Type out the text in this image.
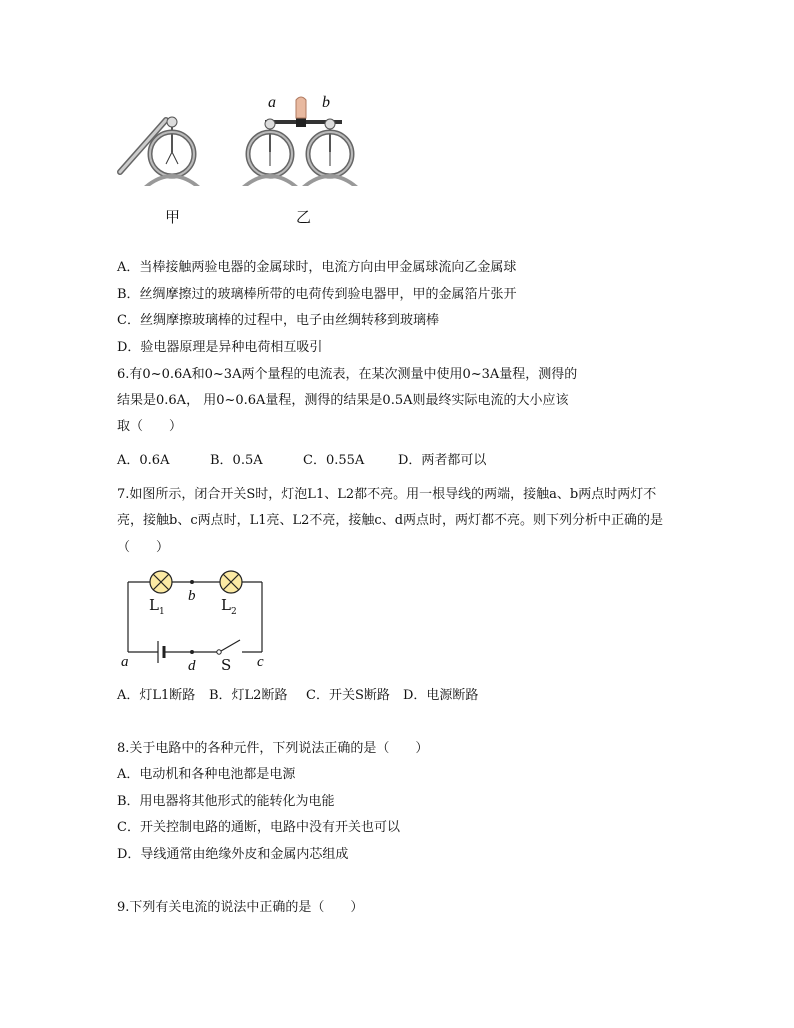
a	b
甲	乙
A．当棒接触两验电器的金属球时，电流方向由甲金属球流向乙金属球
B．丝绸摩擦过的玻璃棒所带的电荷传到验电器甲，甲的金属箔片张开
C．丝绸摩擦玻璃棒的过程中，电子由丝绸转移到玻璃棒
D．验电器原理是异种电荷相互吸引
6.有0~0.6A和0~3A两个量程的电流表，在某次测量中使用0~3A量程，测得的
结果是0.6A， 用0~0.6A量程，测得的结果是0.5A则最终实际电流的大小应该
取（　　）
A．0.6A	B．0.5A	C．0.55A	D．两者都可以
7.如图所示，闭合开关S时，灯泡L1、L2都不亮。用一根导线的两端，接触a、b两点时两灯不
亮，接触b、c两点时，L1亮、L2不亮，接触c、d两点时，两灯都不亮。则下列分析中正确的是
（　　）
$L_1$	$L_2$
b
a	d S c
A．灯L1断路 B．灯L2断路 C．开关S断路 D．电源断路
8.关于电路中的各种元件，下列说法正确的是（　　）
A．电动机和各种电池都是电源
B．用电器将其他形式的能转化为电能
C．开关控制电路的通断，电路中没有开关也可以
D．导线通常由绝缘外皮和金属内芯组成
9.下列有关电流的说法中正确的是（　　）
